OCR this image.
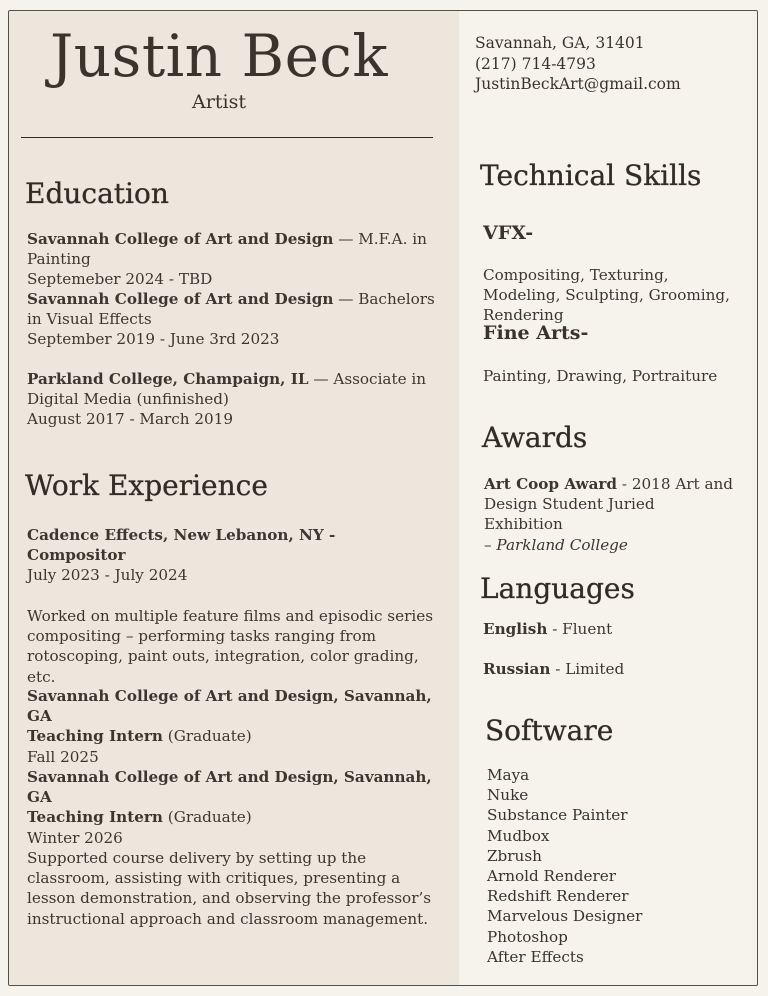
Justin Beck
Artist
Education
Savannah College of Art and Design — M.F.A. in Painting
Septemeber 2024 - TBD
Savannah College of Art and Design — Bachelors in Visual Effects
September 2019 - June 3rd 2023
Parkland College, Champaign, IL — Associate in Digital Media (unfinished)
August 2017 - March 2019
Work Experience
Cadence Effects, New Lebanon, NY -
Compositor
July 2023 - July 2024
Worked on multiple feature films and episodic series compositing – performing tasks ranging from rotoscoping, paint outs, integration, color grading, etc.
Savannah College of Art and Design, Savannah, GA
Teaching Intern (Graduate)
Fall 2025
Savannah College of Art and Design, Savannah, GA
Teaching Intern (Graduate)
Winter 2026
Supported course delivery by setting up the classroom, assisting with critiques, presenting a lesson demonstration, and observing the professor’s instructional approach and classroom management.
Savannah, GA, 31401
(217) 714-4793
JustinBeckArt@gmail.com
Technical Skills
VFX-
Compositing, Texturing, Modeling, Sculpting, Grooming, Rendering
Fine Arts-
Painting, Drawing, Portraiture
Awards
Art Coop Award - 2018 Art and Design Student Juried Exhibition
– Parkland College
Languages
English - Fluent
Russian - Limited
Software
Maya
Nuke
Substance Painter
Mudbox
Zbrush
Arnold Renderer
Redshift Renderer
Marvelous Designer
Photoshop
After Effects
